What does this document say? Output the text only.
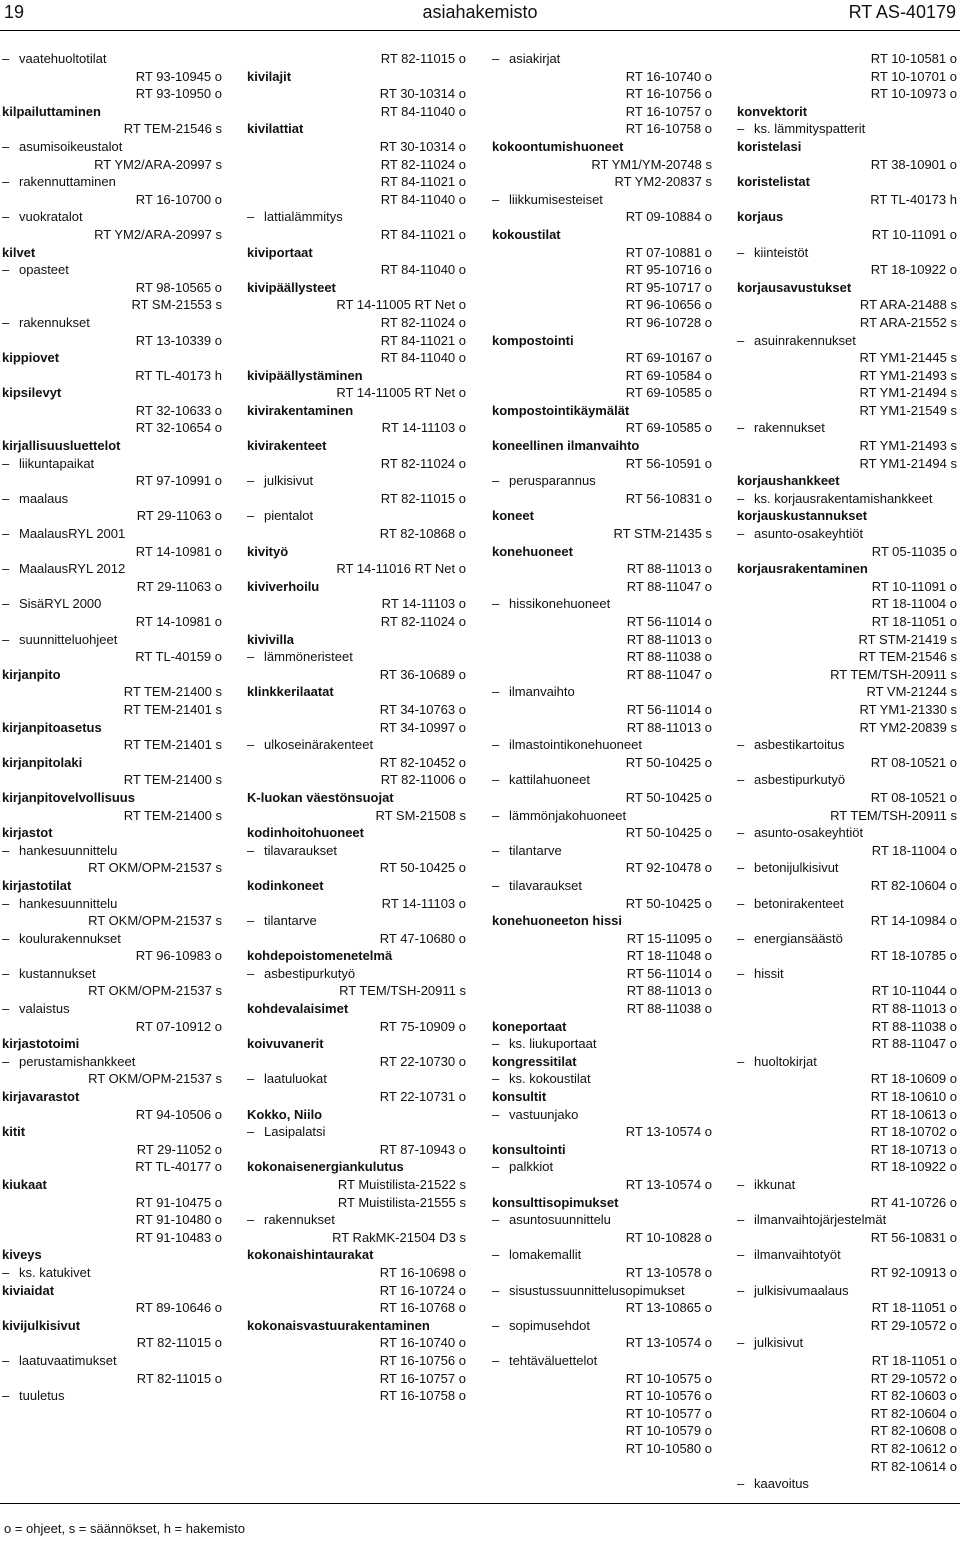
19	asiahakemisto	RT AS-40179
– vaatehuoltotilat
RT 93-10945 o
RT 93-10950 o
kilpailuttaminen
RT TEM-21546 s
– asumisoikeustalot
RT YM2/ARA-20997 s
– rakennuttaminen
RT 16-10700 o
– vuokratalot
RT YM2/ARA-20997 s
kilvet
– opasteet
RT 98-10565 o
RT SM-21553 s
– rakennukset
RT 13-10339 o
kippiovet
RT TL-40173 h
kipsilevyt
RT 32-10633 o
RT 32-10654 o
kirjallisuusluettelot
– liikuntapaikat
RT 97-10991 o
– maalaus
RT 29-11063 o
– MaalausRYL 2001
RT 14-10981 o
– MaalausRYL 2012
RT 29-11063 o
– SisäRYL 2000
RT 14-10981 o
– suunnitteluohjeet
RT TL-40159 o
kirjanpito
RT TEM-21400 s
RT TEM-21401 s
kirjanpitoasetus
RT TEM-21401 s
kirjanpitolaki
RT TEM-21400 s
kirjanpitovelvollisuus
RT TEM-21400 s
kirjastot
– hankesuunnittelu
RT OKM/OPM-21537 s
kirjastotilat
– hankesuunnittelu
RT OKM/OPM-21537 s
– koulurakennukset
RT 96-10983 o
– kustannukset
RT OKM/OPM-21537 s
– valaistus
RT 07-10912 o
kirjastotoimi
– perustamishankkeet
RT OKM/OPM-21537 s
kirjavarastot
RT 94-10506 o
kitit
RT 29-11052 o
RT TL-40177 o
kiukaat
RT 91-10475 o
RT 91-10480 o
RT 91-10483 o
kiveys
– ks. katukivet
kiviaidat
RT 89-10646 o
kivijulkisivut
RT 82-11015 o
– laatuvaatimukset
RT 82-11015 o
– tuuletus
RT 82-11015 o
kivilajit
RT 30-10314 o
RT 84-11040 o
kivilattiat
RT 30-10314 o
RT 82-11024 o
RT 84-11021 o
RT 84-11040 o
– lattialämmitys
RT 84-11021 o
kiviportaat
RT 84-11040 o
kivipäällysteet
RT 14-11005 RT Net o
RT 82-11024 o
RT 84-11021 o
RT 84-11040 o
kivipäällystäminen
RT 14-11005 RT Net o
kivirakentaminen
RT 14-11103 o
kivirakenteet
RT 82-11024 o
– julkisivut
RT 82-11015 o
– pientalot
RT 82-10868 o
kivityö
RT 14-11016 RT Net o
kiviverhoilu
RT 14-11103 o
RT 82-11024 o
kivivilla
– lämmöneristeet
RT 36-10689 o
klinkkerilaatat
RT 34-10763 o
RT 34-10997 o
– ulkoseinärakenteet
RT 82-10452 o
RT 82-11006 o
K-luokan väestönsuojat
RT SM-21508 s
kodinhoitohuoneet
– tilavaraukset
RT 50-10425 o
kodinkoneet
RT 14-11103 o
– tilantarve
RT 47-10680 o
kohdepoistomenetelmä
– asbestipurkutyö
RT TEM/TSH-20911 s
kohdevalaisimet
RT 75-10909 o
koivuvanerit
RT 22-10730 o
– laatuluokat
RT 22-10731 o
Kokko, Niilo
– Lasipalatsi
RT 87-10943 o
kokonaisenergiankulutus
RT Muistilista-21522 s
RT Muistilista-21555 s
– rakennukset
RT RakMK-21504 D3 s
kokonaishintaurakat
RT 16-10698 o
RT 16-10724 o
RT 16-10768 o
kokonaisvastuurakentaminen
RT 16-10740 o
RT 16-10756 o
RT 16-10757 o
RT 16-10758 o
– asiakirjat
RT 16-10740 o
RT 16-10756 o
RT 16-10757 o
RT 16-10758 o
kokoontumishuoneet
RT YM1/YM-20748 s
RT YM2-20837 s
– liikkumisesteiset
RT 09-10884 o
kokoustilat
RT 07-10881 o
RT 95-10716 o
RT 95-10717 o
RT 96-10656 o
RT 96-10728 o
kompostointi
RT 69-10167 o
RT 69-10584 o
RT 69-10585 o
kompostointikäymälät
RT 69-10585 o
koneellinen ilmanvaihto
RT 56-10591 o
– perusparannus
RT 56-10831 o
koneet
RT STM-21435 s
konehuoneet
RT 88-11013 o
RT 88-11047 o
– hissikonehuoneet
RT 56-11014 o
RT 88-11013 o
RT 88-11038 o
RT 88-11047 o
– ilmanvaihto
RT 56-11014 o
RT 88-11013 o
– ilmastointikonehuoneet
RT 50-10425 o
– kattilahuoneet
RT 50-10425 o
– lämmönjakohuoneet
RT 50-10425 o
– tilantarve
RT 92-10478 o
– tilavaraukset
RT 50-10425 o
konehuoneeton hissi
RT 15-11095 o
RT 18-11048 o
RT 56-11014 o
RT 88-11013 o
RT 88-11038 o
koneportaat
– ks. liukuportaat
kongressitilat
– ks. kokoustilat
konsultit
– vastuunjako
RT 13-10574 o
konsultointi
– palkkiot
RT 13-10574 o
konsulttisopimukset
– asuntosuunnittelu
RT 10-10828 o
– lomakemallit
RT 13-10578 o
– sisustussuunnittelusopimukset
RT 13-10865 o
– sopimusehdot
RT 13-10574 o
– tehtäväluettelot
RT 10-10575 o
RT 10-10576 o
RT 10-10577 o
RT 10-10579 o
RT 10-10580 o
RT 10-10581 o
RT 10-10701 o
RT 10-10973 o
konvektorit
– ks. lämmityspatterit
koristelasi
RT 38-10901 o
koristelistat
RT TL-40173 h
korjaus
RT 10-11091 o
– kiinteistöt
RT 18-10922 o
korjausavustukset
RT ARA-21488 s
RT ARA-21552 s
– asuinrakennukset
RT YM1-21445 s
RT YM1-21493 s
RT YM1-21494 s
RT YM1-21549 s
– rakennukset
RT YM1-21493 s
RT YM1-21494 s
korjaushankkeet
– ks. korjausrakentamishankkeet
korjauskustannukset
– asunto-osakeyhtiöt
RT 05-11035 o
korjausrakentaminen
RT 10-11091 o
RT 18-11004 o
RT 18-11051 o
RT STM-21419 s
RT TEM-21546 s
RT TEM/TSH-20911 s
RT VM-21244 s
RT YM1-21330 s
RT YM2-20839 s
– asbestikartoitus
RT 08-10521 o
– asbestipurkutyö
RT 08-10521 o
RT TEM/TSH-20911 s
– asunto-osakeyhtiöt
RT 18-11004 o
– betonijulkisivut
RT 82-10604 o
– betonirakenteet
RT 14-10984 o
– energiansäästö
RT 18-10785 o
– hissit
RT 10-11044 o
RT 88-11013 o
RT 88-11038 o
RT 88-11047 o
– huoltokirjat
RT 18-10609 o
RT 18-10610 o
RT 18-10613 o
RT 18-10702 o
RT 18-10713 o
RT 18-10922 o
– ikkunat
RT 41-10726 o
– ilmanvaihtojärjestelmät
RT 56-10831 o
– ilmanvaihtotyöt
RT 92-10913 o
– julkisivumaalaus
RT 18-11051 o
RT 29-10572 o
– julkisivut
RT 18-11051 o
RT 29-10572 o
RT 82-10603 o
RT 82-10604 o
RT 82-10608 o
RT 82-10612 o
RT 82-10614 o
– kaavoitus
o = ohjeet, s = säännökset, h = hakemisto
